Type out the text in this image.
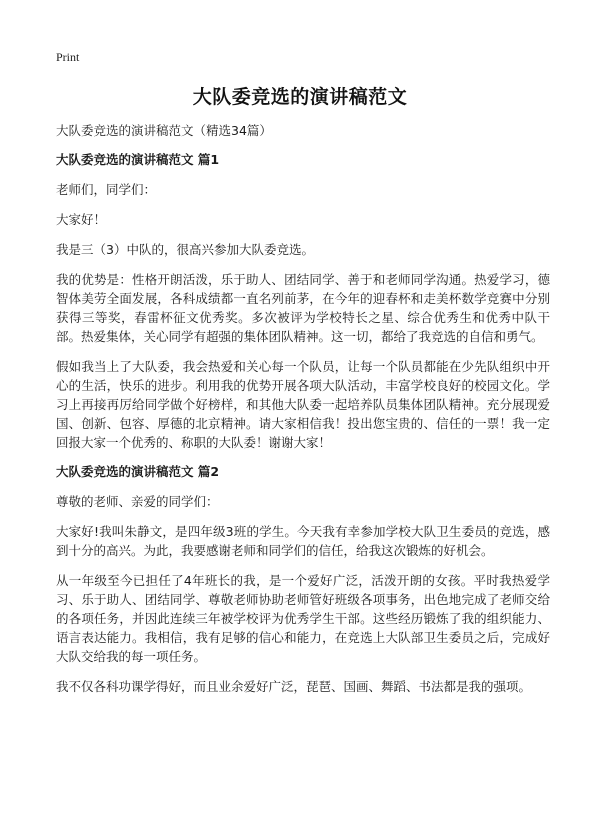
Print
大队委竞选的演讲稿范文
大队委竞选的演讲稿范文（精选34篇）
大队委竞选的演讲稿范文 篇1

老师们，同学们：

大家好！

我是三（3）中队的，很高兴参加大队委竞选。

我的优势是：性格开朗活泼，乐于助人、团结同学、善于和老师同学沟通。热爱学习，德智体美劳全面发展，各科成绩都一直名列前茅，在今年的迎春杯和走美杯数学竞赛中分别获得三等奖，春雷杯征文优秀奖。多次被评为学校特长之星、综合优秀生和优秀中队干部。热爱集体，关心同学有超强的集体团队精神。这一切，都给了我竞选的自信和勇气。

假如我当上了大队委，我会热爱和关心每一个队员，让每一个队员都能在少先队组织中开心的生活，快乐的进步。利用我的优势开展各项大队活动，丰富学校良好的校园文化。学习上再接再厉给同学做个好榜样，和其他大队委一起培养队员集体团队精神。充分展现爱国、创新、包容、厚德的北京精神。请大家相信我！投出您宝贵的、信任的一票！我一定回报大家一个优秀的、称职的大队委！谢谢大家！

大队委竞选的演讲稿范文 篇2

尊敬的老师、亲爱的同学们：

大家好!我叫朱静文，是四年级3班的学生。今天我有幸参加学校大队卫生委员的竞选，感到十分的高兴。为此，我要感谢老师和同学们的信任，给我这次锻炼的好机会。

从一年级至今已担任了4年班长的我，是一个爱好广泛，活泼开朗的女孩。平时我热爱学习、乐于助人、团结同学、尊敬老师协助老师管好班级各项事务，出色地完成了老师交给的各项任务，并因此连续三年被学校评为优秀学生干部。这些经历锻炼了我的组织能力、语言表达能力。我相信，我有足够的信心和能力，在竞选上大队部卫生委员之后，完成好大队交给我的每一项任务。

我不仅各科功课学得好，而且业余爱好广泛，琵琶、国画、舞蹈、书法都是我的强项。
